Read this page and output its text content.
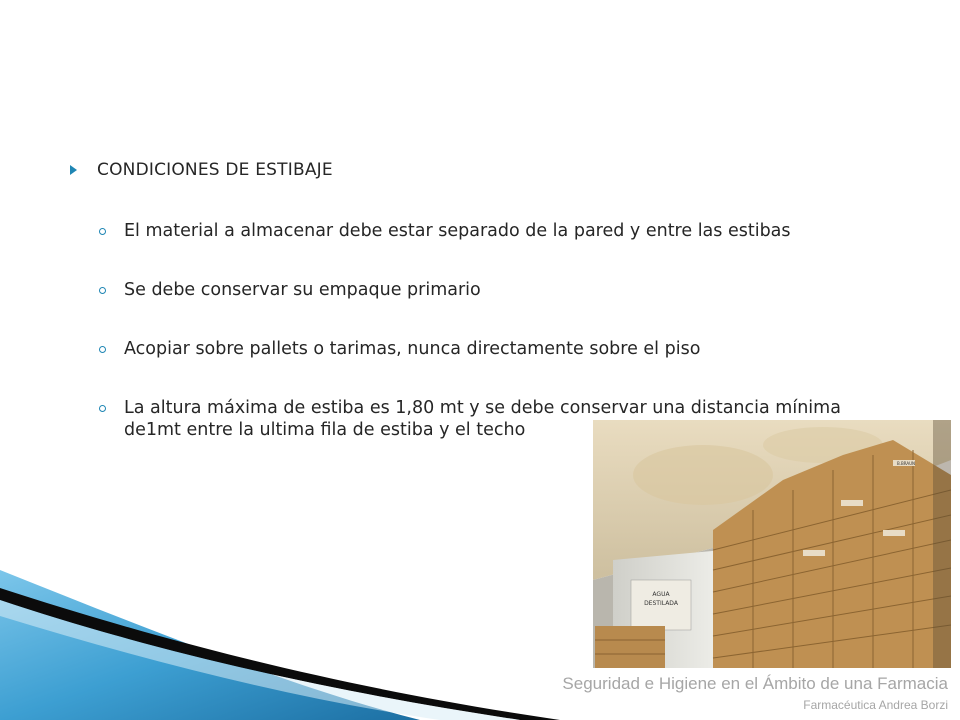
CONDICIONES DE ESTIBAJE
El material a almacenar debe estar separado de la pared y entre las estibas
Se debe conservar su empaque primario
Acopiar sobre pallets o tarimas, nunca directamente sobre el piso
La altura máxima de estiba es 1,80 mt y se debe conservar una distancia mínima de1mt entre la ultima fila de estiba y el techo
AGUA
DESTILADA
B.BRAUN
Seguridad e Higiene en el Ámbito de una Farmacia
Farmacéutica Andrea Borzi
